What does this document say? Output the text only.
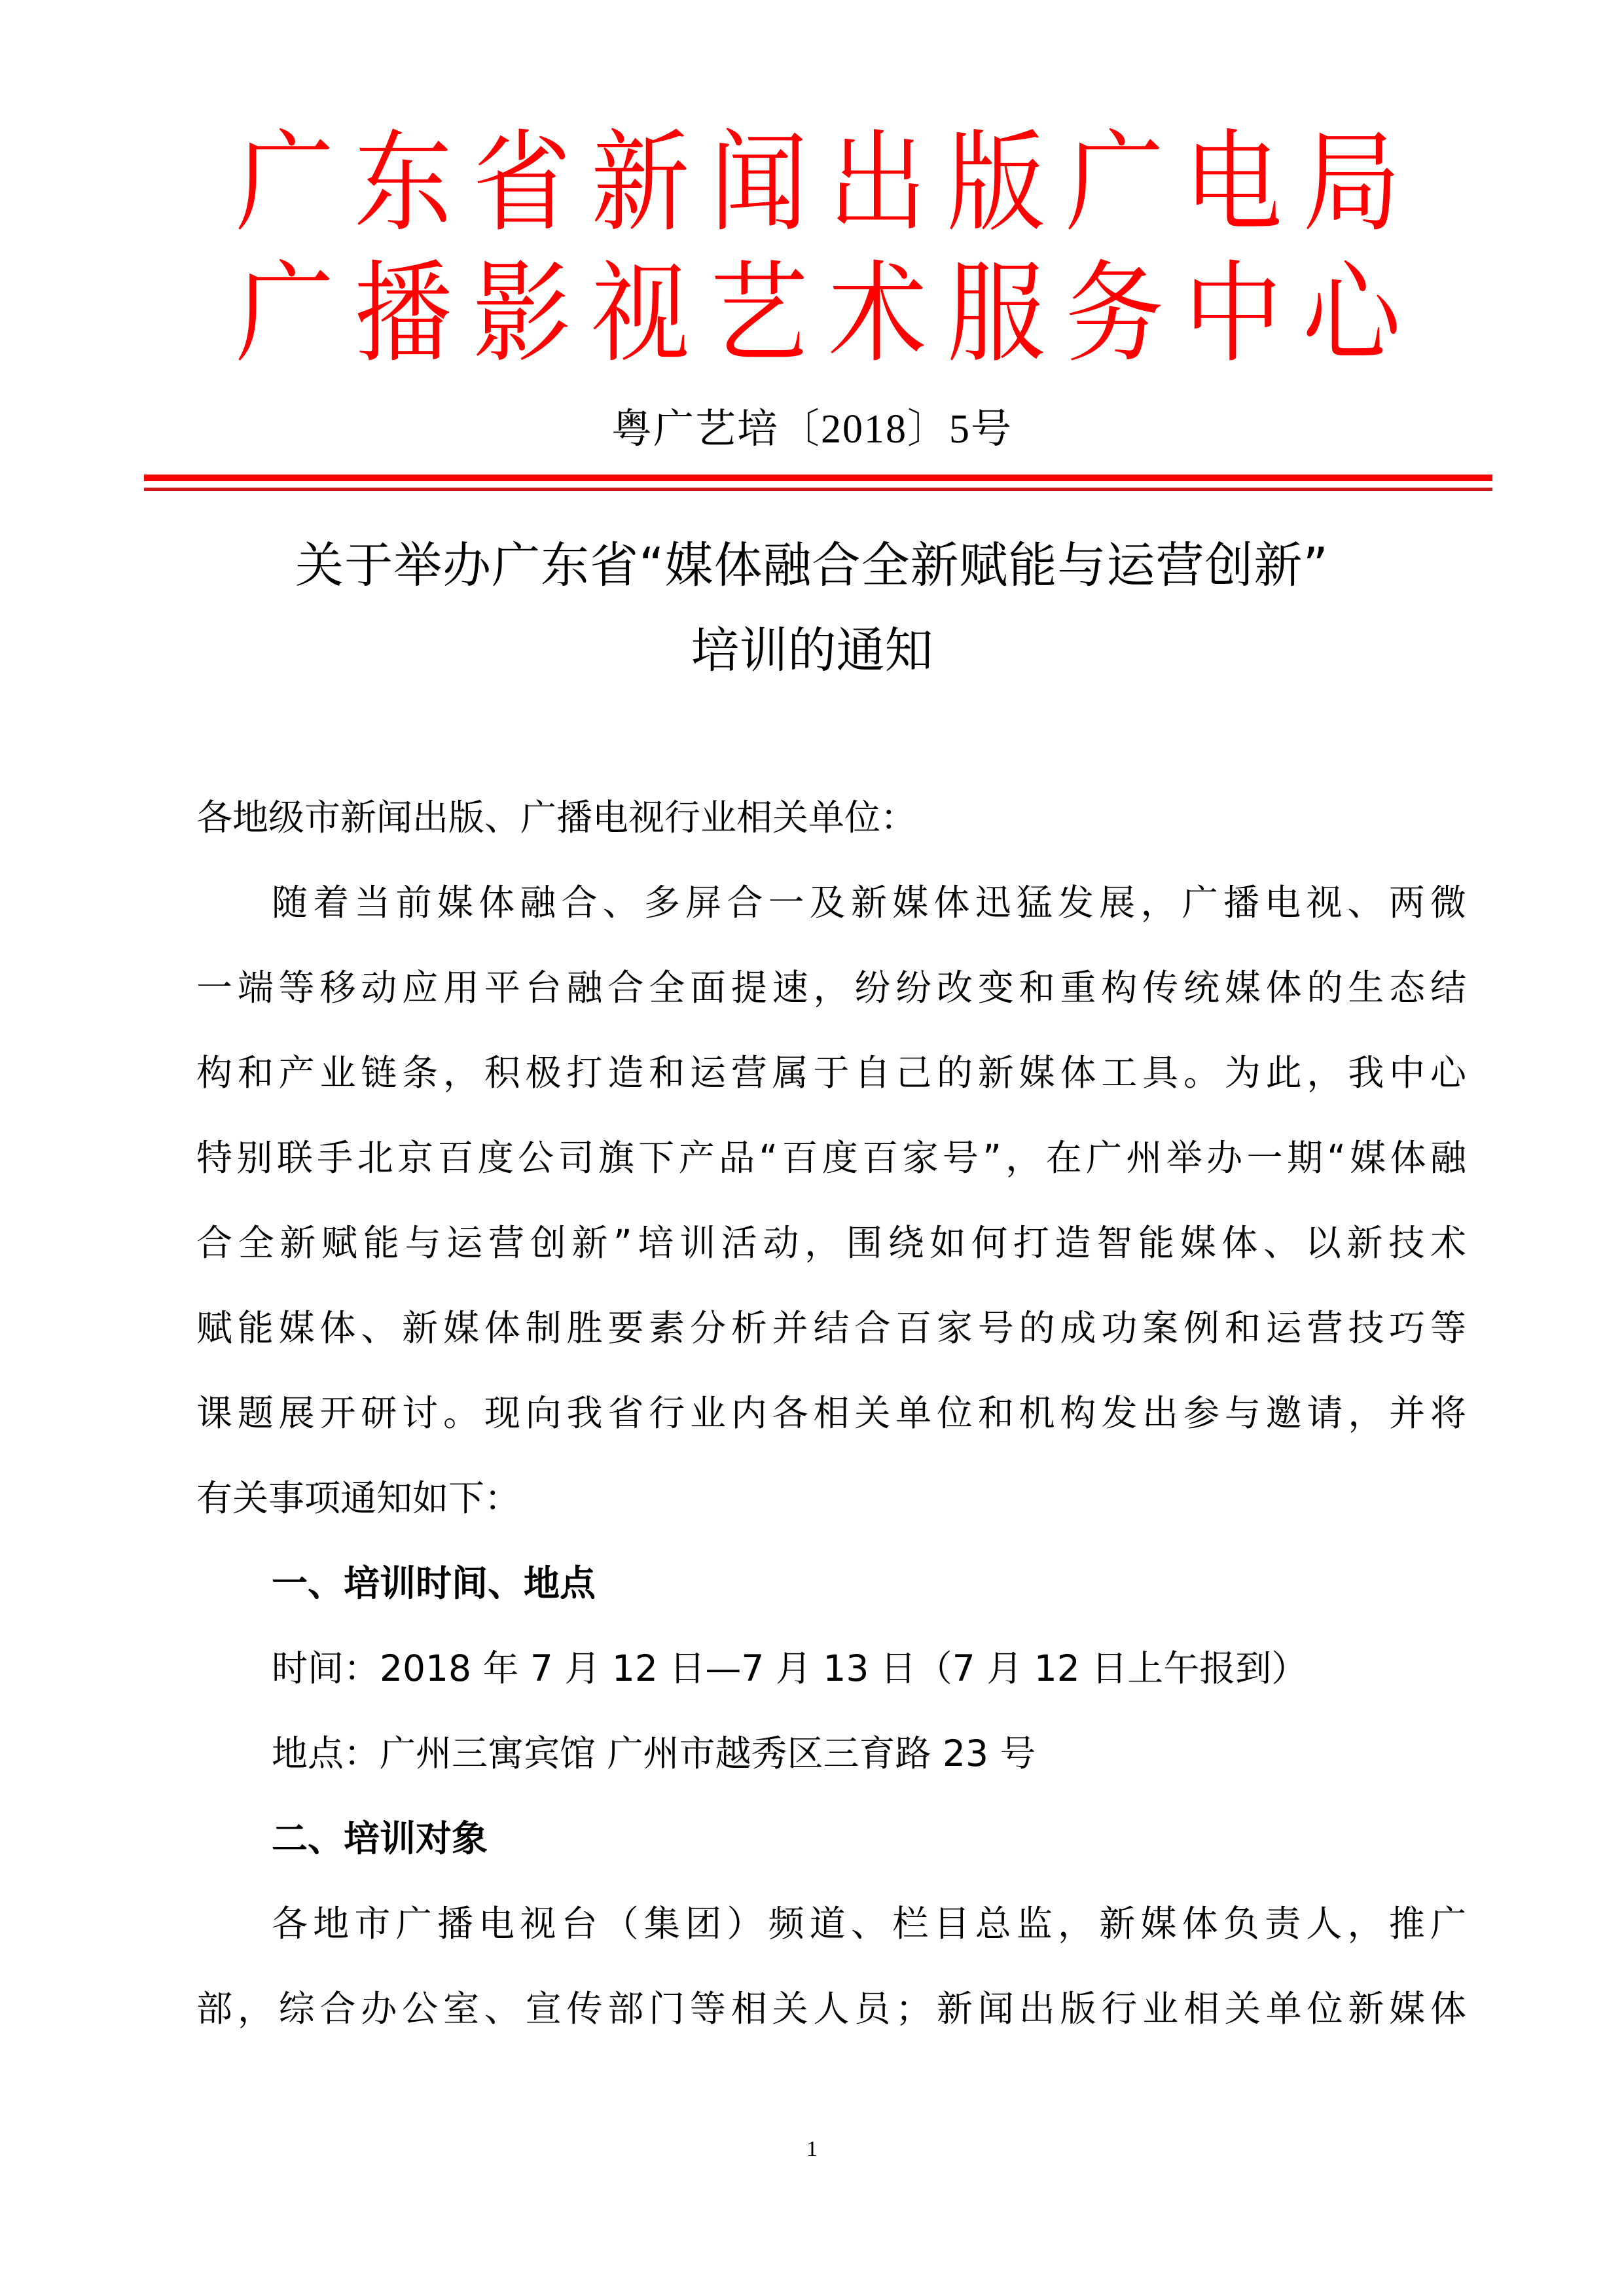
广 东 省 新 闻 出 版 广 电 局
广 播 影 视 艺 术 服 务 中 心
粤广艺培〔2018〕5号
关于举办广东省“媒体融合全新赋能与运营创新”
培训的通知
各地级市新闻出版、广播电视行业相关单位：
随着当前媒体融合、多屏合一及新媒体迅猛发展，广播电视、两微
一端等移动应用平台融合全面提速，纷纷改变和重构传统媒体的生态结
构和产业链条，积极打造和运营属于自己的新媒体工具。为此，我中心
特别联手北京百度公司旗下产品“百度百家号”，在广州举办一期“媒体融
合全新赋能与运营创新”培训活动，围绕如何打造智能媒体、以新技术
赋能媒体、新媒体制胜要素分析并结合百家号的成功案例和运营技巧等
课题展开研讨。现向我省行业内各相关单位和机构发出参与邀请，并将
有关事项通知如下：
一、培训时间、地点
时间：2018 年 7 月 12 日—7 月 13 日（7 月 12 日上午报到）
地点：广州三寓宾馆 广州市越秀区三育路 23 号
二、培训对象
各地市广播电视台（集团）频道、栏目总监，新媒体负责人，推广
部，综合办公室、宣传部门等相关人员；新闻出版行业相关单位新媒体
1
